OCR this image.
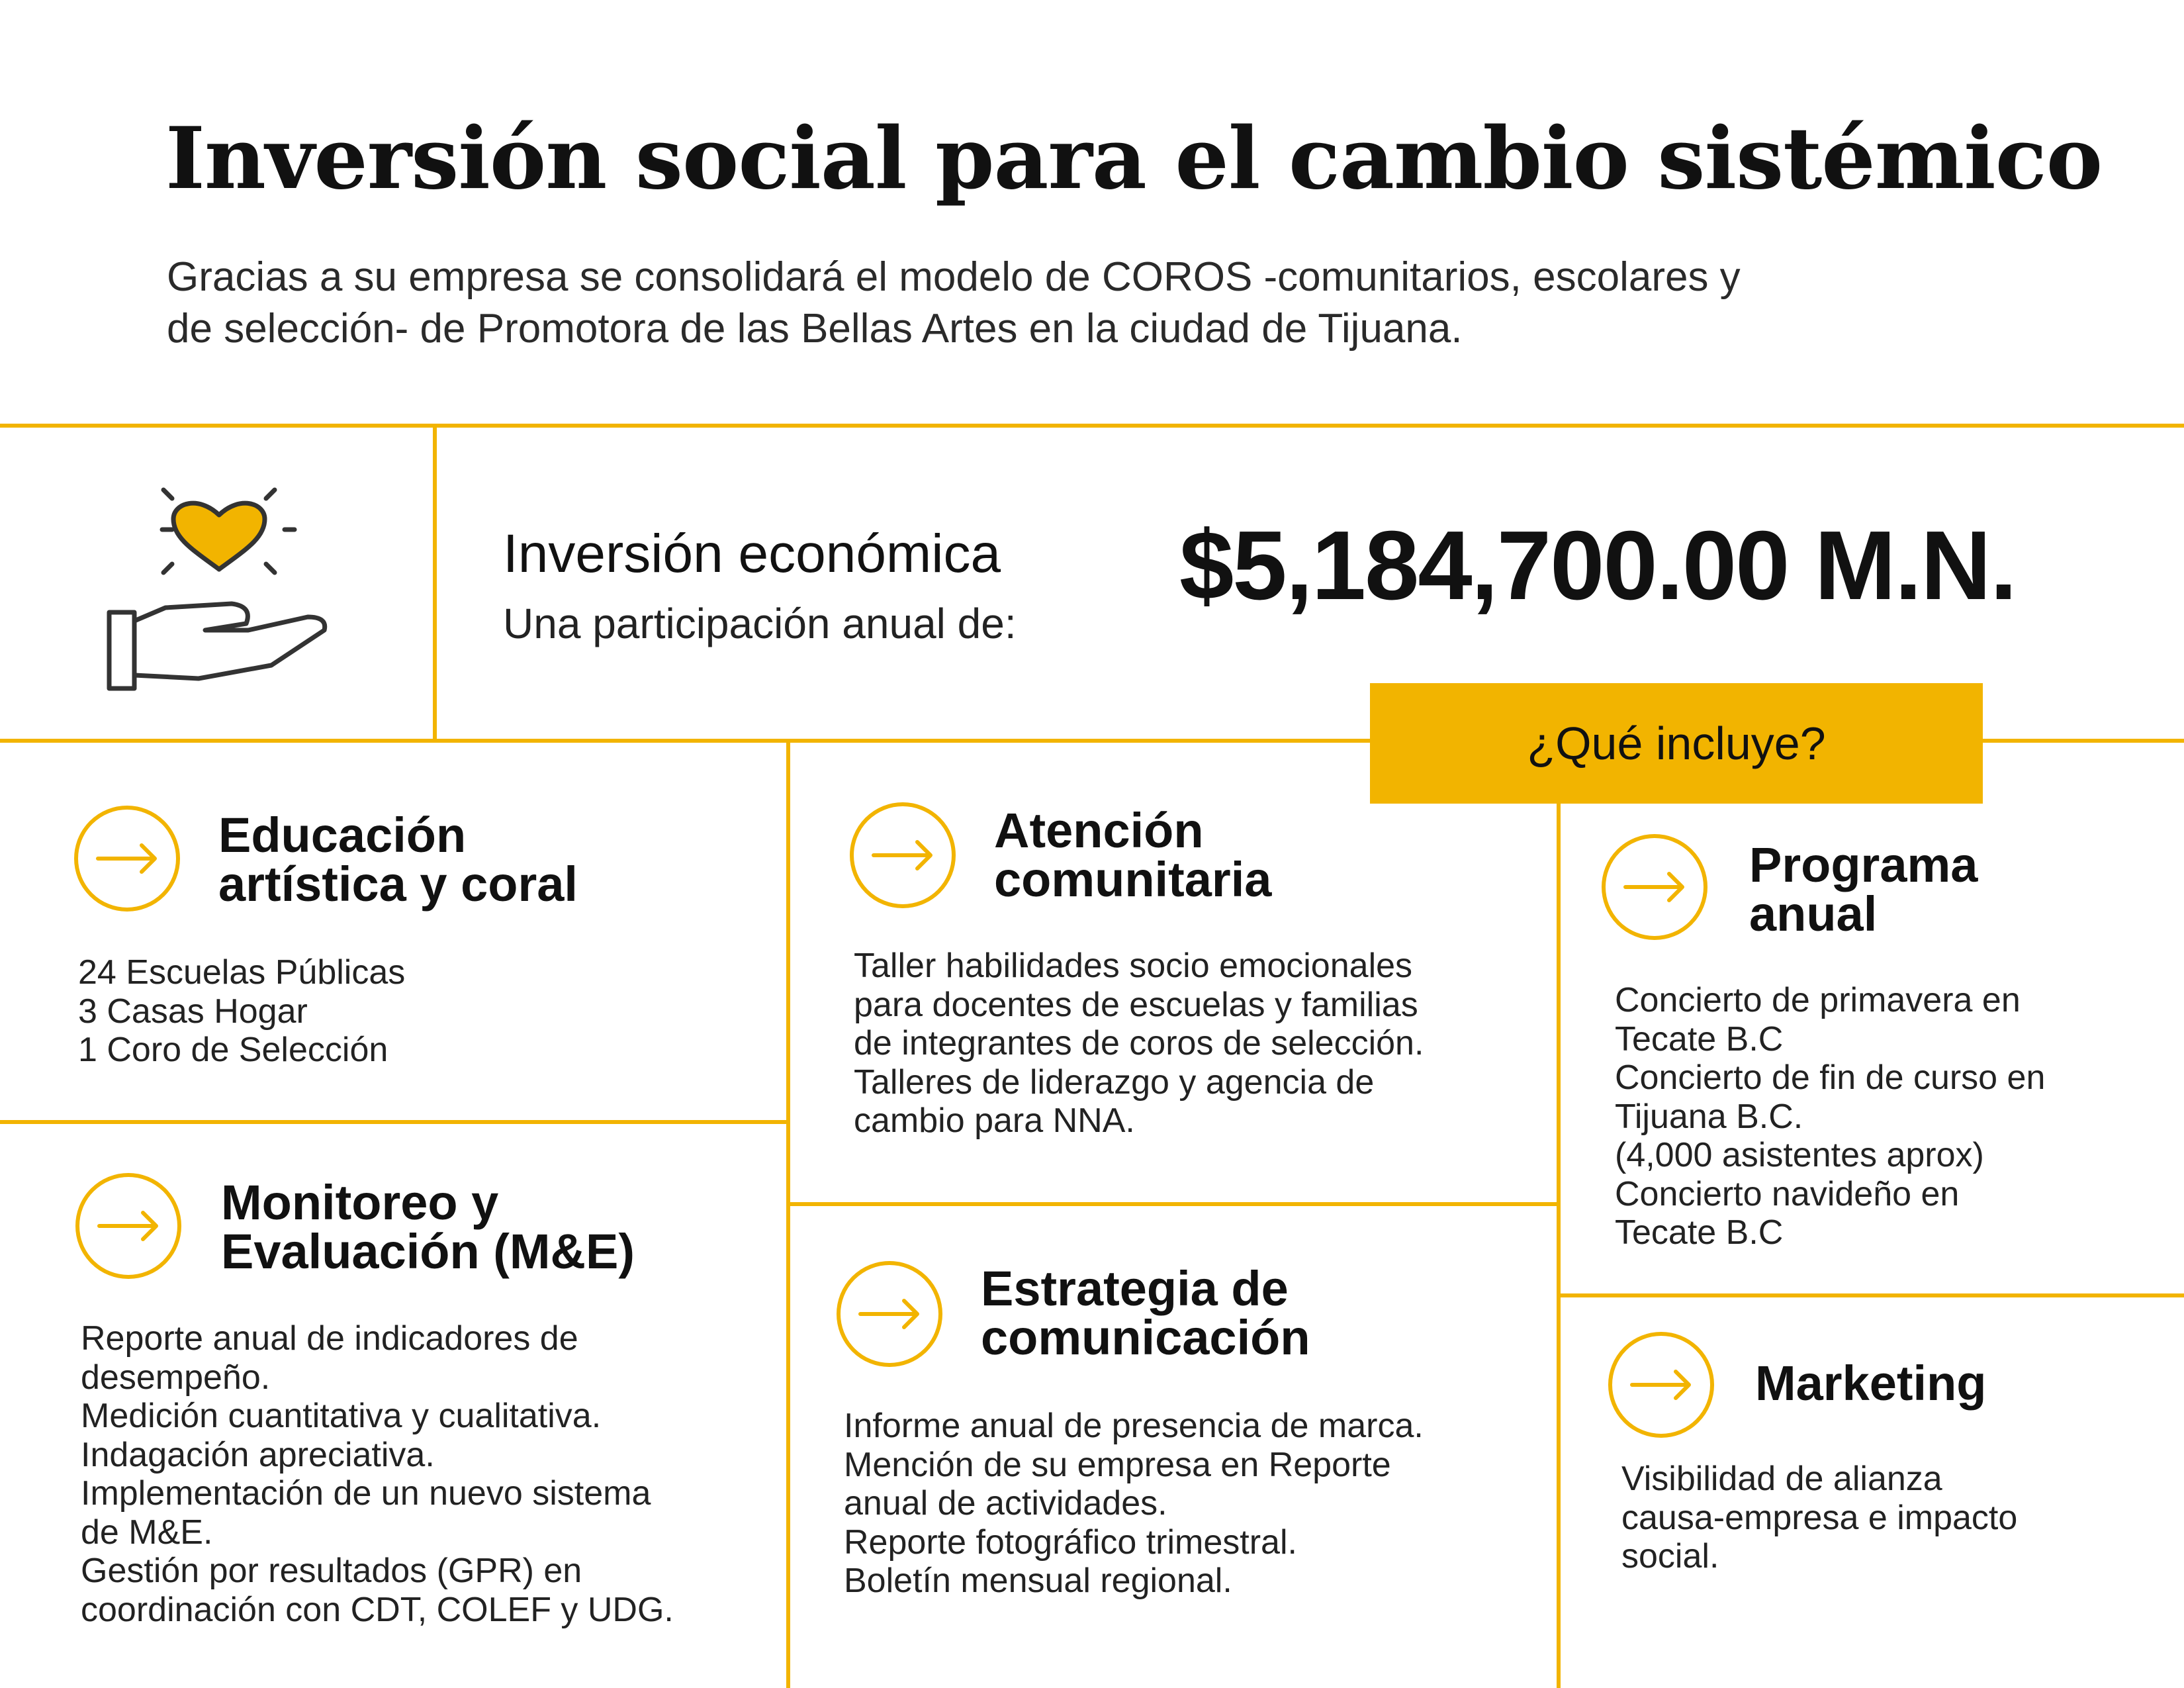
Inversión social para el cambio sistémico
Gracias a su empresa se consolidará el modelo de COROS -comunitarios, escolares y
de selección- de Promotora de las Bellas Artes en la ciudad de Tijuana.
Inversión económica
Una participación anual de:
$5,184,700.00 M.N.
¿Qué incluye?
Educación
artística y coral
24 Escuelas Públicas
3 Casas Hogar
1 Coro de Selección
Atención
comunitaria
Taller habilidades socio emocionales
para docentes de escuelas y familias
de integrantes de coros de selección.
Talleres de liderazgo y agencia de
cambio para NNA.
Programa
anual
Concierto de primavera en
Tecate B.C
Concierto de fin de curso en
Tijuana B.C.
(4,000 asistentes aprox)
Concierto navideño en
Tecate B.C
Monitoreo y
Evaluación (M&E)
Reporte anual de indicadores de
desempeño.
Medición cuantitativa y cualitativa.
Indagación apreciativa.
Implementación de un nuevo sistema
de M&E.
Gestión por resultados (GPR) en
coordinación con CDT, COLEF y UDG.
Estrategia de
comunicación
Informe anual de presencia de marca.
Mención de su empresa en Reporte
anual de actividades.
Reporte fotográfico trimestral.
Boletín mensual regional.
Marketing
Visibilidad de alianza
causa-empresa e impacto
social.
